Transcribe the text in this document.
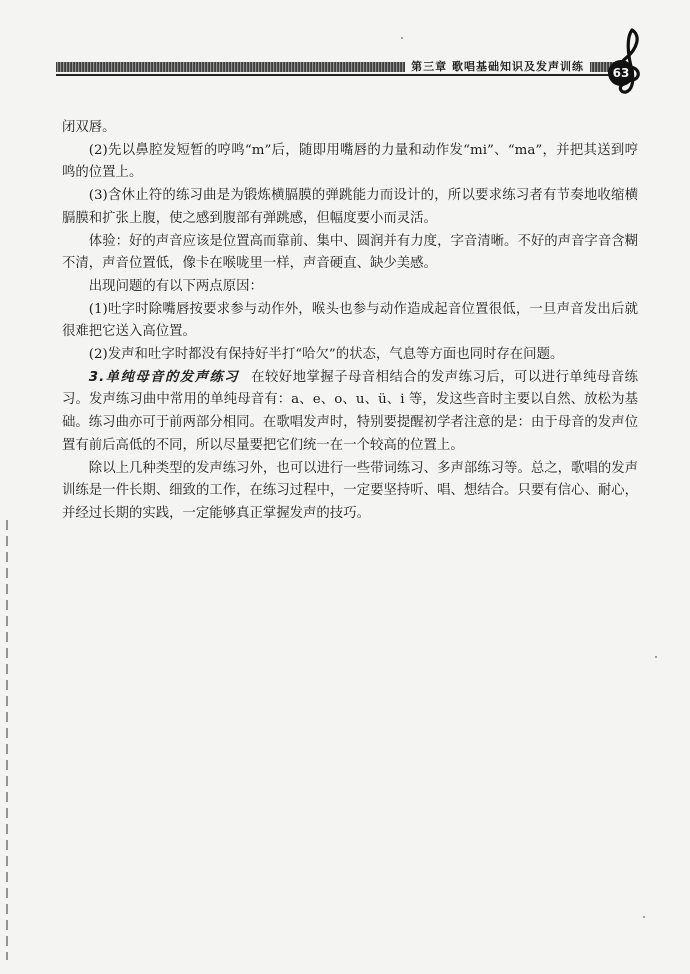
第三章 歌唱基础知识及发声训练	63

闭双唇。

(2)先以鼻腔发短暂的哼鸣“m”后，随即用嘴唇的力量和动作发“mi”、“ma”，并把其送到哼鸣的位置上。

(3)含休止符的练习曲是为锻炼横膈膜的弹跳能力而设计的，所以要求练习者有节奏地收缩横膈膜和扩张上腹，使之感到腹部有弹跳感，但幅度要小而灵活。

体验：好的声音应该是位置高而靠前、集中、圆润并有力度，字音清晰。不好的声音字音含糊不清，声音位置低，像卡在喉咙里一样，声音硬直、缺少美感。

出现问题的有以下两点原因：

(1)吐字时除嘴唇按要求参与动作外，喉头也参与动作造成起音位置很低，一旦声音发出后就很难把它送入高位置。

(2)发声和吐字时都没有保持好半打“哈欠”的状态，气息等方面也同时存在问题。

3.单纯母音的发声练习 在较好地掌握子母音相结合的发声练习后，可以进行单纯母音练习。发声练习曲中常用的单纯母音有：a、e、o、u、ü、i 等，发这些音时主要以自然、放松为基础。练习曲亦可于前两部分相同。在歌唱发声时，特别要提醒初学者注意的是：由于母音的发声位置有前后高低的不同，所以尽量要把它们统一在一个较高的位置上。

除以上几种类型的发声练习外，也可以进行一些带词练习、多声部练习等。总之，歌唱的发声训练是一件长期、细致的工作，在练习过程中，一定要坚持听、唱、想结合。只要有信心、耐心，并经过长期的实践，一定能够真正掌握发声的技巧。
